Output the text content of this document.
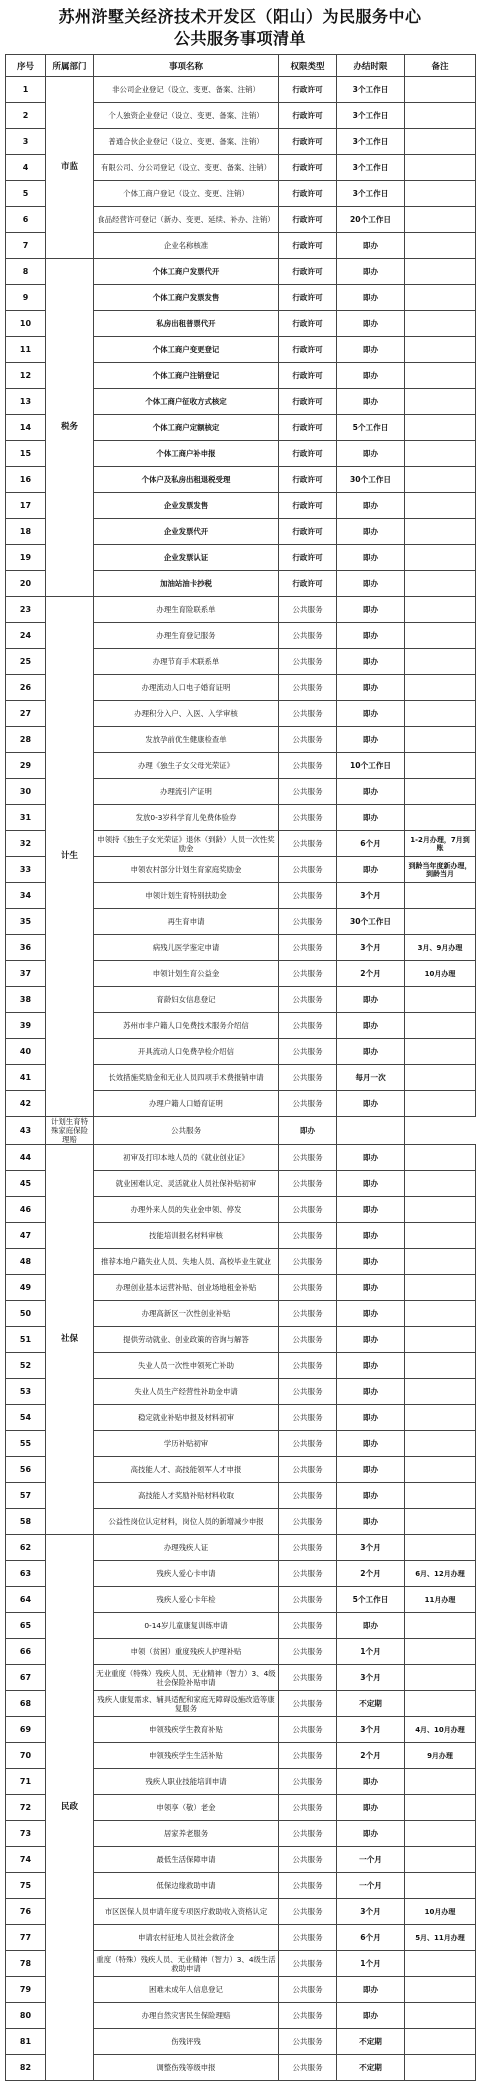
苏州浒墅关经济技术开发区（阳山）为民服务中心
公共服务事项清单
序号	所属部门	事项名称	权限类型	办结时限	备注
1	市监	非公司企业登记（设立、变更、备案、注销）	行政许可	3个工作日	
2		个人独资企业登记（设立、变更、备案、注销）	行政许可	3个工作日	
3		普通合伙企业登记（设立、变更、备案、注销）	行政许可	3个工作日	
4		有限公司、分公司登记（设立、变更、备案、注销）	行政许可	3个工作日	
5		个体工商户登记（设立、变更、注销）	行政许可	3个工作日	
6		食品经营许可登记（新办、变更、延续、补办、注销）	行政许可	20个工作日	
7		企业名称核准	行政许可	即办	
8	税务	个体工商户发票代开	行政许可	即办	
9		个体工商户发票发售	行政许可	即办	
10		私房出租普票代开	行政许可	即办	
11		个体工商户变更登记	行政许可	即办	
12		个体工商户注销登记	行政许可	即办	
13		个体工商户征收方式核定	行政许可	即办	
14		个体工商户定额核定	行政许可	5个工作日	
15		个体工商户补申报	行政许可	即办	
16		个体户及私房出租退税受理	行政许可	30个工作日	
17		企业发票发售	行政许可	即办	
18		企业发票代开	行政许可	即办	
19		企业发票认证	行政许可	即办	
20		加油站油卡抄税	行政许可	即办	
23	计生	办理生育险联系单	公共服务	即办	
24		办理生育登记服务	公共服务	即办	
25		办理节育手术联系单	公共服务	即办	
26		办理流动人口电子婚育证明	公共服务	即办	
27		办理积分入户、入医、入学审核	公共服务	即办	
28		发放孕前优生健康检查单	公共服务	即办	
29		办理《独生子女父母光荣证》	公共服务	10个工作日	
30		办理流引产证明	公共服务	即办	
31		发放0-3岁科学育儿免费体验券	公共服务	即办	
32		申领持《独生子女光荣证》退休（到龄）人员一次性奖励金	公共服务	6个月	1-2月办理，7月到账
33		申领农村部分计划生育家庭奖励金	公共服务	即办	到龄当年度新办理，到龄当月
34		申领计划生育特别扶助金	公共服务	3个月	
35		再生育申请	公共服务	30个工作日	
36		病残儿医学鉴定申请	公共服务	3个月	3月、9月办理
37		申领计划生育公益金	公共服务	2个月	10月办理
38		育龄妇女信息登记	公共服务	即办	
39		苏州市非户籍人口免费技术服务介绍信	公共服务	即办	
40		开具流动人口免费孕检介绍信	公共服务	即办	
41		长效措施奖励金和无业人员四项手术费报销申请	公共服务	每月一次	
42		办理户籍人口婚育证明	公共服务	即办	
43	计划生育特殊家庭保险理赔	公共服务	即办		
44	社保	初审及打印本地人员的《就业创业证》	公共服务	即办	
45		就业困难认定、灵活就业人员社保补贴初审	公共服务	即办	
46		办理外来人员的失业金申领、停发	公共服务	即办	
47		技能培训报名材料审核	公共服务	即办	
48		推荐本地户籍失业人员、失地人员、高校毕业生就业	公共服务	即办	
49		办理创业基本运营补贴、创业场地租金补贴	公共服务	即办	
50		办理高新区一次性创业补贴	公共服务	即办	
51		提供劳动就业、创业政策的咨询与解答	公共服务	即办	
52		失业人员一次性申领死亡补助	公共服务	即办	
53		失业人员生产经营性补助金申请	公共服务	即办	
54		稳定就业补贴申报及材料初审	公共服务	即办	
55		学历补贴初审	公共服务	即办	
56		高技能人才、高技能领军人才申报	公共服务	即办	
57		高技能人才奖励补贴材料收取	公共服务	即办	
58		公益性岗位认定材料，岗位人员的新增减少申报	公共服务	即办	
62	民政	办理残疾人证	公共服务	3个月	
63		残疾人爱心卡申请	公共服务	2个月	6月、12月办理
64		残疾人爱心卡年检	公共服务	5个工作日	11月办理
65		0-14岁儿童康复训练申请	公共服务	即办	
66		申领（贫困）重度残疾人护理补贴	公共服务	1个月	
67		无业重度（特殊）残疾人员、无业精神（智力）3、4级社会保险补贴申请	公共服务	3个月	
68		残疾人康复需求、辅具适配和家庭无障碍设施改造等康复服务	公共服务	不定期	
69		申领残疾学生教育补贴	公共服务	3个月	4月、10月办理
70		申领残疾学生生活补贴	公共服务	2个月	9月办理
71		残疾人职业技能培训申请	公共服务	即办	
72		申领享（敬）老金	公共服务	即办	
73		居家养老服务	公共服务	即办	
74		最低生活保障申请	公共服务	一个月	
75		低保边缘救助申请	公共服务	一个月	
76		市区医保人员申请年度专项医疗救助收入资格认定	公共服务	3个月	10月办理
77		申请农村征地人员社会救济金	公共服务	6个月	5月、11月办理
78		重度（特殊）残疾人员、无业精神（智力）3、4级生活救助申请	公共服务	1个月	
79		困难未成年人信息登记	公共服务	即办	
80		办理自然灾害民生保险理赔	公共服务	即办	
81		伤残评残	公共服务	不定期	
82		调整伤残等级申报	公共服务	不定期	
